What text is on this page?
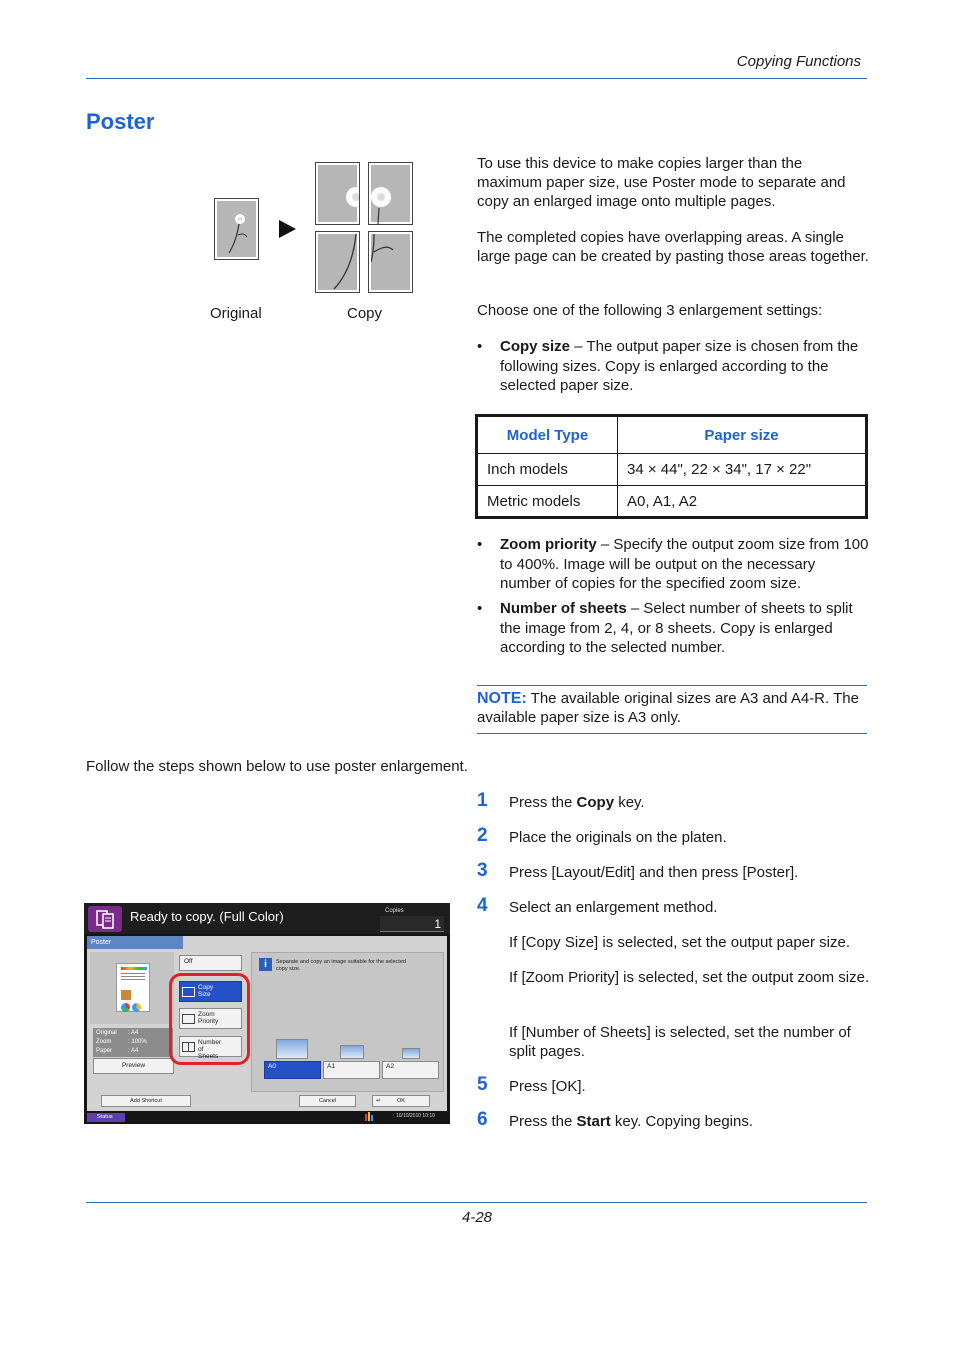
Copying Functions
Poster
Original	Copy
To use this device to make copies larger than the maximum paper size, use Poster mode to separate and copy an enlarged image onto multiple pages.
The completed copies have overlapping areas. A single large page can be created by pasting those areas together.
Choose one of the following 3 enlargement settings:
• Copy size – The output paper size is chosen from the following sizes. Copy is enlarged according to the selected paper size.
Model Type	Paper size
Inch models	34 × 44", 22 × 34", 17 × 22"
Metric models	A0, A1, A2
• Zoom priority – Specify the output zoom size from 100 to 400%. Image will be output on the necessary number of copies for the specified zoom size.
• Number of sheets – Select number of sheets to split the image from 2, 4, or 8 sheets. Copy is enlarged according to the selected number.
NOTE: The available original sizes are A3 and A4-R. The available paper size is A3 only.
Follow the steps shown below to use poster enlargement.
1 Press the Copy key.
2 Place the originals on the platen.
3 Press [Layout/Edit] and then press [Poster].
4 Select an enlargement method.
If [Copy Size] is selected, set the output paper size.
If [Zoom Priority] is selected, set the output zoom size.
If [Number of Sheets] is selected, set the number of split pages.
5 Press [OK].
6 Press the Start key. Copying begins.
Ready to copy. (Full Color)	Copies
1
Poster
Original : A4
Zoom	: 100%
Paper	: A4
Preview
Off
Copy Size
Zoom Priority
Number of Sheets
i	Separate and copy an image suitable for the selected copy size.
A0	A1	A2
Add Shortcut	Cancel	↵	OK
Status	10/10/2010 10:10
4-28
